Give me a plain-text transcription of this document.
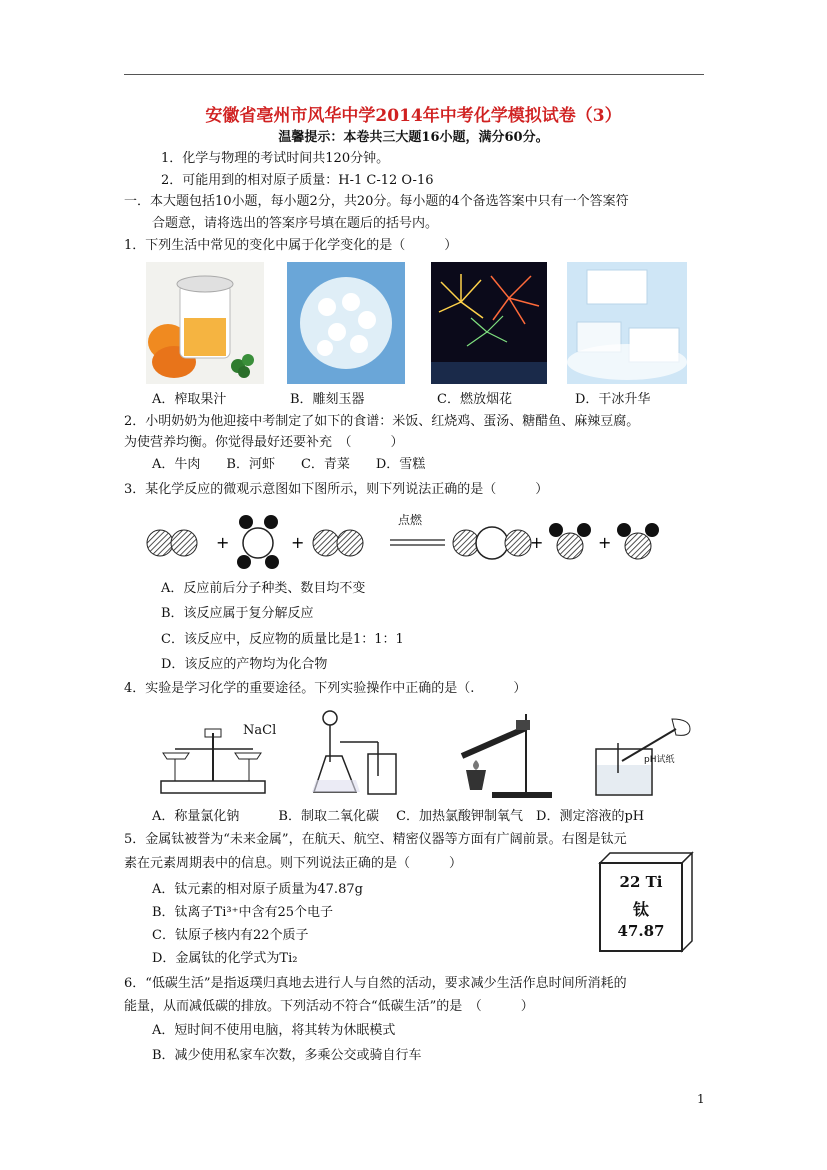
安徽省亳州市风华中学2014年中考化学模拟试卷（3）
温馨提示：本卷共三大题16小题，满分60分。
1．化学与物理的考试时间共120分钟。
2．可能用到的相对原子质量：H-1 C-12 O-16
一．本大题包括10小题，每小题2分，共20分。每小题的4个备选答案中只有一个答案符
合题意，请将选出的答案序号填在题后的括号内。
1．下列生活中常见的变化中属于化学变化的是（　　　）
A．榨取果汁	B．雕刻玉器	C．燃放烟花	D．干冰升华
2．小明奶奶为他迎接中考制定了如下的食谱：米饭、红烧鸡、蛋汤、糖醋鱼、麻辣豆腐。
为使营养均衡。你觉得最好还要补充　（　　　）
A．牛肉　　B．河虾　　C．青菜　　D．雪糕
3．某化学反应的微观示意图如下图所示，则下列说法正确的是（　　　）
+	+	+	+
点燃
A．反应前后分子种类、数目均不变
B．该反应属于复分解反应
C．该反应中，反应物的质量比是1：1：1
D．该反应的产物均为化合物
4．实验是学习化学的重要途径。下列实验操作中正确的是（.　　　）
NaCl
pH试纸
A．称量氯化钠　　　B．制取二氧化碳　 C．加热氯酸钾制氧气　D．测定溶液的pH
5．金属钛被誉为“未来金属”，在航天、航空、精密仪器等方面有广阔前景。右图是钛元
素在元素周期表中的信息。则下列说法正确的是（　　　）
A．钛元素的相对原子质量为47.87g
B．钛离子Ti³⁺中含有25个电子
C．钛原子核内有22个质子
D．金属钛的化学式为Ti₂
22 Ti
钛
47.87
6．“低碳生活”是指返璞归真地去进行人与自然的活动，要求减少生活作息时间所消耗的
能量，从而减低碳的排放。下列活动不符合“低碳生活”的是　（　　　）
A．短时间不使用电脑，将其转为休眠模式
B．减少使用私家车次数，多乘公交或骑自行车
1
